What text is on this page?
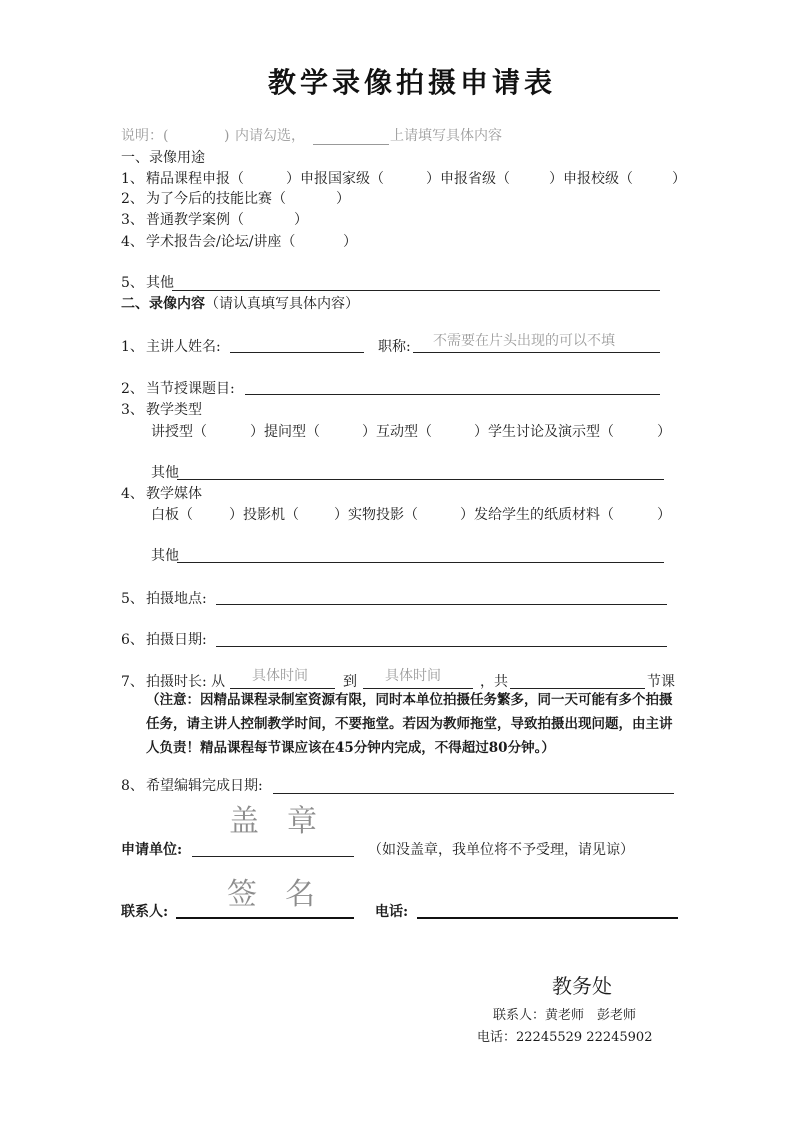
教学录像拍摄申请表
说明：(	) 内请勾选，	上请填写具体内容
一、录像用途
1、 精品课程申报（	）申报国家级（	）申报省级（	）申报校级（	）
2、 为了今后的技能比赛（	）
3、 普通教学案例（	）
4、 学术报告会/论坛/讲座（	）
5、 其他
二、录像内容（请认真填写具体内容）
1、 主讲人姓名:	职称: 不需要在片头出现的可以不填
2、 当节授课题目:
3、 教学类型
讲授型（	）提问型（	）互动型（	）学生讨论及演示型（	）
其他
4、 教学媒体
白板（	）投影机（	）实物投影（	）发给学生的纸质材料（	）
其他
5、 拍摄地点:
6、 拍摄日期:
7、 拍摄时长: 从 具体时间	到 具体时间	，共	节课
（注意：因精品课程录制室资源有限，同时本单位拍摄任务繁多，同一天可能有多个拍摄任务，请主讲人控制教学时间，不要拖堂。若因为教师拖堂，导致拍摄出现问题，由主讲人负责！精品课程每节课应该在45分钟内完成，不得超过80分钟。）
8、 希望编辑完成日期:
盖章
申请单位:	（如没盖章，我单位将不予受理，请见谅）
签名
联系人:	电话:
教务处
联系人：黄老师　彭老师
电话：22245529 22245902
